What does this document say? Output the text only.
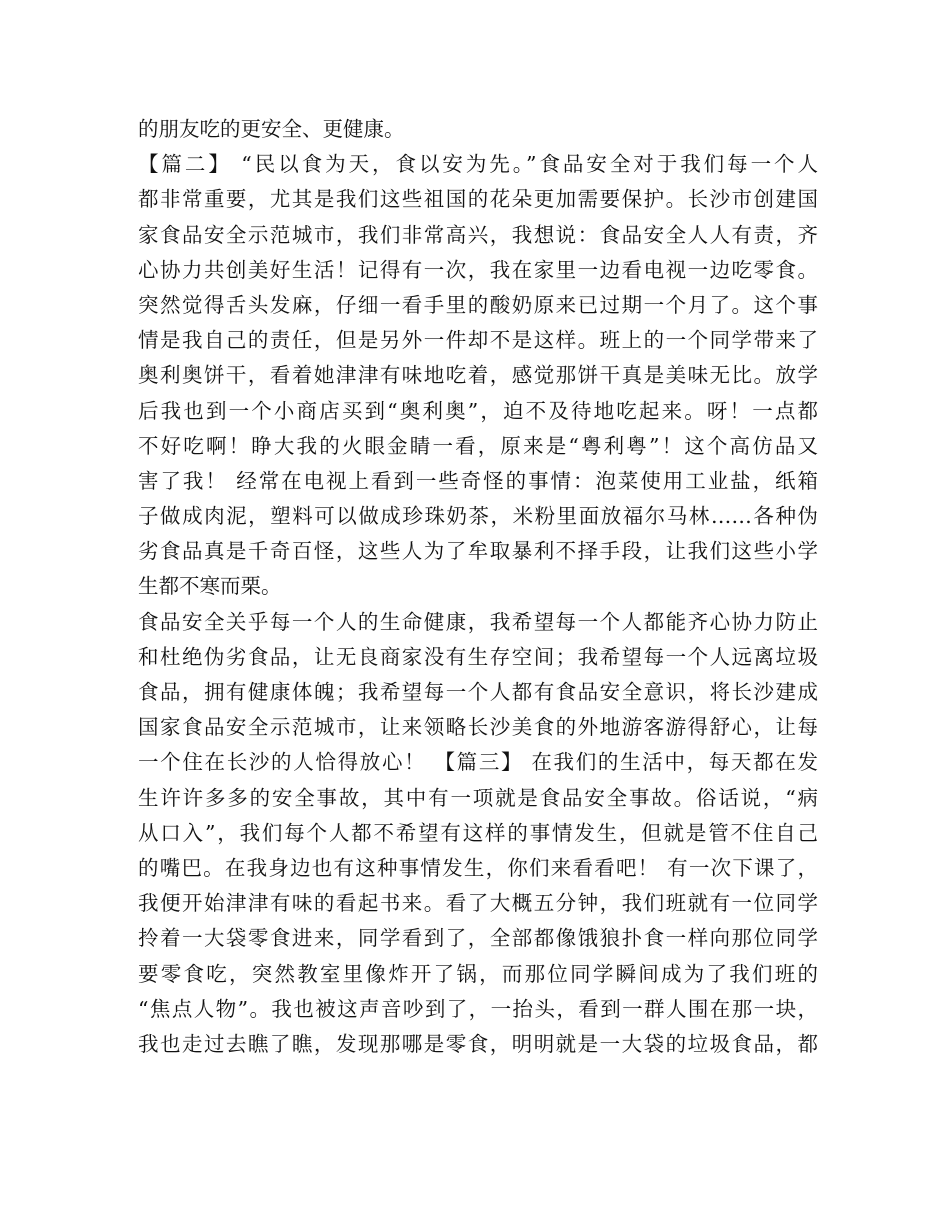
的朋友吃的更安全、更健康。
【篇二】 “民以食为天，食以安为先。”食品安全对于我们每一个人
都非常重要，尤其是我们这些祖国的花朵更加需要保护。长沙市创建国
家食品安全示范城市，我们非常高兴，我想说：食品安全人人有责，齐
心协力共创美好生活！记得有一次，我在家里一边看电视一边吃零食。
突然觉得舌头发麻，仔细一看手里的酸奶原来已过期一个月了。这个事
情是我自己的责任，但是另外一件却不是这样。班上的一个同学带来了
奥利奥饼干，看着她津津有味地吃着，感觉那饼干真是美味无比。放学
后我也到一个小商店买到“奥利奥”，迫不及待地吃起来。呀！一点都
不好吃啊！睁大我的火眼金睛一看，原来是“粤利粤”！这个高仿品又
害了我！ 经常在电视上看到一些奇怪的事情：泡菜使用工业盐，纸箱
子做成肉泥，塑料可以做成珍珠奶茶，米粉里面放福尔马林……各种伪
劣食品真是千奇百怪，这些人为了牟取暴利不择手段，让我们这些小学
生都不寒而栗。
食品安全关乎每一个人的生命健康，我希望每一个人都能齐心协力防止
和杜绝伪劣食品，让无良商家没有生存空间；我希望每一个人远离垃圾
食品，拥有健康体魄；我希望每一个人都有食品安全意识，将长沙建成
国家食品安全示范城市，让来领略长沙美食的外地游客游得舒心，让每
一个住在长沙的人恰得放心！ 【篇三】 在我们的生活中，每天都在发
生许许多多的安全事故，其中有一项就是食品安全事故。俗话说，“病
从口入”，我们每个人都不希望有这样的事情发生，但就是管不住自己
的嘴巴。在我身边也有这种事情发生，你们来看看吧！ 有一次下课了，
我便开始津津有味的看起书来。看了大概五分钟，我们班就有一位同学
拎着一大袋零食进来，同学看到了，全部都像饿狼扑食一样向那位同学
要零食吃，突然教室里像炸开了锅，而那位同学瞬间成为了我们班的
“焦点人物”。我也被这声音吵到了，一抬头，看到一群人围在那一块，
我也走过去瞧了瞧，发现那哪是零食，明明就是一大袋的垃圾食品，都
